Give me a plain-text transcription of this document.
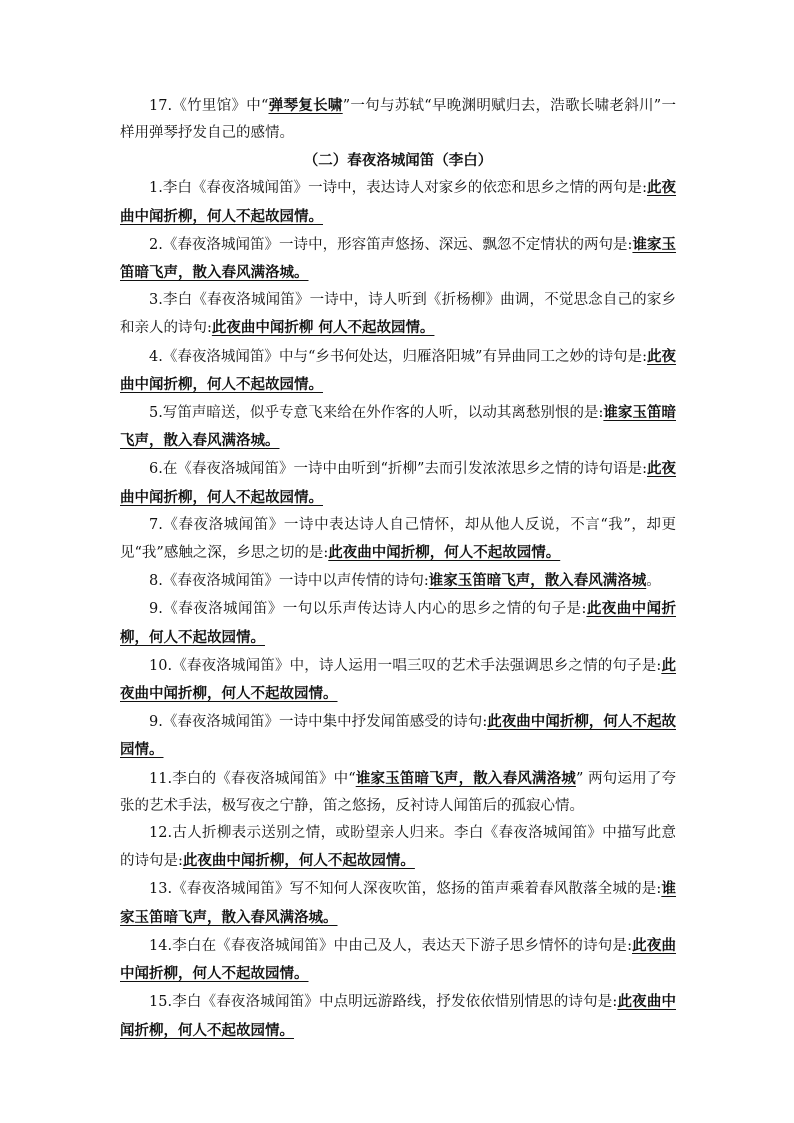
17.《竹里馆》中“弹琴复长啸”一句与苏轼“早晚渊明赋归去，浩歌长啸老斜川”一样用弹琴抒发自己的感情。

（二）春夜洛城闻笛（李白）

1.李白《春夜洛城闻笛》一诗中，表达诗人对家乡的依恋和思乡之情的两句是:此夜曲中闻折柳，何人不起故园情。

2.《春夜洛城闻笛》一诗中，形容笛声悠扬、深远、飘忽不定情状的两句是:谁家玉笛暗飞声，散入春风满洛城。

3.李白《春夜洛城闻笛》一诗中，诗人听到《折杨柳》曲调，不觉思念自己的家乡和亲人的诗句:此夜曲中闻折柳 何人不起故园情。

4.《春夜洛城闻笛》中与“乡书何处达，归雁洛阳城”有异曲同工之妙的诗句是:此夜曲中闻折柳，何人不起故园情。

5.写笛声暗送，似乎专意飞来给在外作客的人听，以动其离愁别恨的是:谁家玉笛暗飞声，散入春风满洛城。

6.在《春夜洛城闻笛》一诗中由听到“折柳”去而引发浓浓思乡之情的诗句语是:此夜曲中闻折柳，何人不起故园情。

7.《春夜洛城闻笛》一诗中表达诗人自己情怀，却从他人反说，不言“我”，却更见“我”感触之深，乡思之切的是:此夜曲中闻折柳，何人不起故园情。

8.《春夜洛城闻笛》一诗中以声传情的诗句:谁家玉笛暗飞声，散入春风满洛城。

9.《春夜洛城闻笛》一句以乐声传达诗人内心的思乡之情的句子是:此夜曲中闻折柳，何人不起故园情。

10.《春夜洛城闻笛》中，诗人运用一唱三叹的艺术手法强调思乡之情的句子是:此夜曲中闻折柳，何人不起故园情。

9.《春夜洛城闻笛》一诗中集中抒发闻笛感受的诗句:此夜曲中闻折柳，何人不起故园情。

11.李白的《春夜洛城闻笛》中“谁家玉笛暗飞声，散入春风满洛城” 两句运用了夸张的艺术手法，极写夜之宁静，笛之悠扬，反衬诗人闻笛后的孤寂心情。

12.古人折柳表示送别之情，或盼望亲人归来。李白《春夜洛城闻笛》中描写此意的诗句是:此夜曲中闻折柳，何人不起故园情。

13.《春夜洛城闻笛》写不知何人深夜吹笛，悠扬的笛声乘着春风散落全城的是:谁家玉笛暗飞声，散入春风满洛城。

14.李白在《春夜洛城闻笛》中由己及人，表达天下游子思乡情怀的诗句是:此夜曲中闻折柳，何人不起故园情。

15.李白《春夜洛城闻笛》中点明远游路线，抒发依依惜别情思的诗句是:此夜曲中闻折柳，何人不起故园情。
